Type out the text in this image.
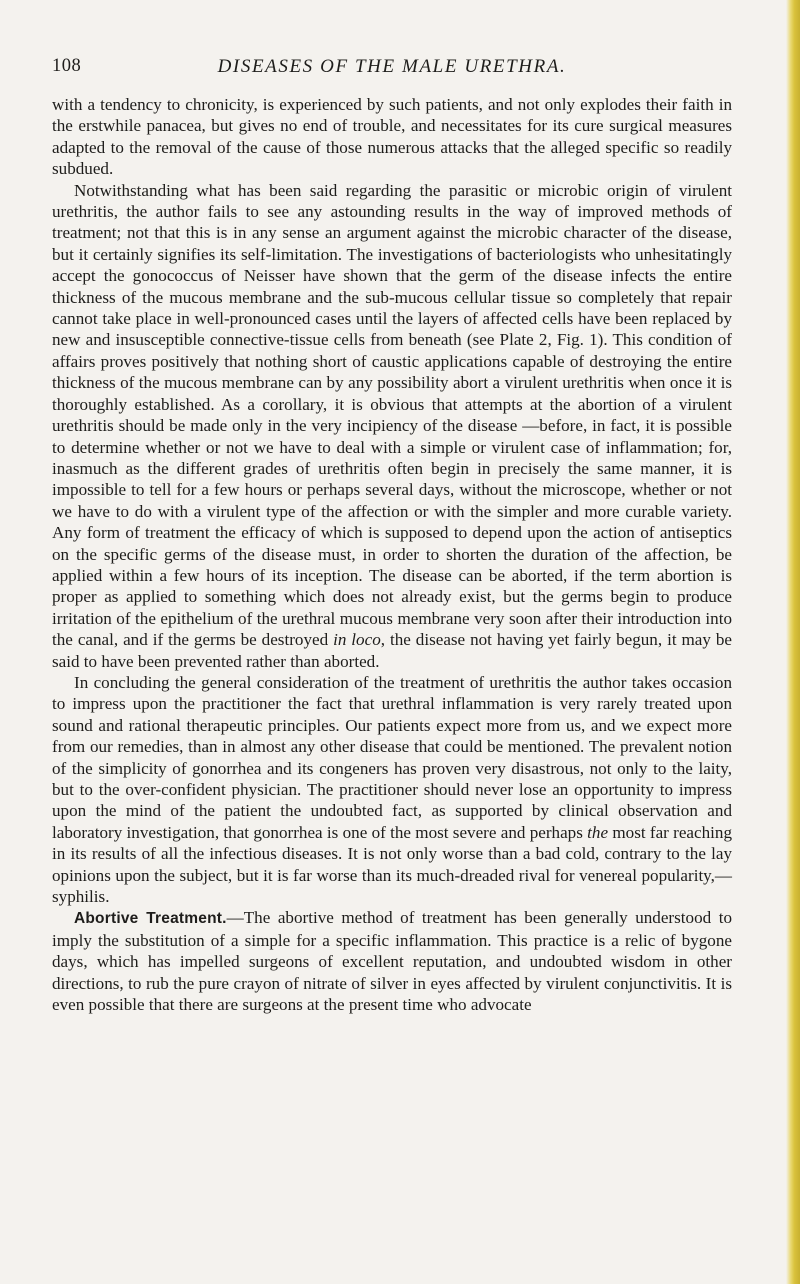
108	DISEASES OF THE MALE URETHRA.

with a tendency to chronicity, is experienced by such patients, and not only explodes their faith in the erstwhile panacea, but gives no end of trouble, and necessitates for its cure surgical measures adapted to the removal of the cause of those numerous attacks that the alleged specific so readily subdued.

Notwithstanding what has been said regarding the parasitic or microbic origin of virulent urethritis, the author fails to see any astounding results in the way of improved methods of treatment; not that this is in any sense an argument against the microbic character of the disease, but it certainly signifies its self-limitation. The investigations of bacteriologists who unhesitatingly accept the gonococcus of Neisser have shown that the germ of the disease infects the entire thickness of the mucous membrane and the sub-mucous cellular tissue so completely that repair cannot take place in well-pronounced cases until the layers of affected cells have been replaced by new and insusceptible connective-tissue cells from beneath (see Plate 2, Fig. 1). This condition of affairs proves positively that nothing short of caustic applications capable of destroying the entire thickness of the mucous membrane can by any possibility abort a virulent urethritis when once it is thoroughly established. As a corollary, it is obvious that attempts at the abortion of a virulent urethritis should be made only in the very incipiency of the disease —before, in fact, it is possible to determine whether or not we have to deal with a simple or virulent case of inflammation; for, inasmuch as the different grades of urethritis often begin in precisely the same manner, it is impossible to tell for a few hours or perhaps several days, without the microscope, whether or not we have to do with a virulent type of the affection or with the simpler and more curable variety. Any form of treatment the efficacy of which is supposed to depend upon the action of antiseptics on the specific germs of the disease must, in order to shorten the duration of the affection, be applied within a few hours of its inception. The disease can be aborted, if the term abortion is proper as applied to something which does not already exist, but the germs begin to produce irritation of the epithelium of the urethral mucous membrane very soon after their introduction into the canal, and if the germs be destroyed in loco, the disease not having yet fairly begun, it may be said to have been prevented rather than aborted.

In concluding the general consideration of the treatment of urethritis the author takes occasion to impress upon the practitioner the fact that urethral inflammation is very rarely treated upon sound and rational therapeutic principles. Our patients expect more from us, and we expect more from our remedies, than in almost any other disease that could be mentioned. The prevalent notion of the simplicity of gonorrhea and its congeners has proven very disastrous, not only to the laity, but to the over-confident physician. The practitioner should never lose an opportunity to impress upon the mind of the patient the undoubted fact, as supported by clinical observation and laboratory investigation, that gonorrhea is one of the most severe and perhaps the most far reaching in its results of all the infectious diseases. It is not only worse than a bad cold, contrary to the lay opinions upon the subject, but it is far worse than its much-dreaded rival for venereal popularity,—syphilis.

Abortive Treatment.—The abortive method of treatment has been generally understood to imply the substitution of a simple for a specific inflammation. This practice is a relic of bygone days, which has impelled surgeons of excellent reputation, and undoubted wisdom in other directions, to rub the pure crayon of nitrate of silver in eyes affected by virulent conjunctivitis. It is even possible that there are surgeons at the present time who advocate
